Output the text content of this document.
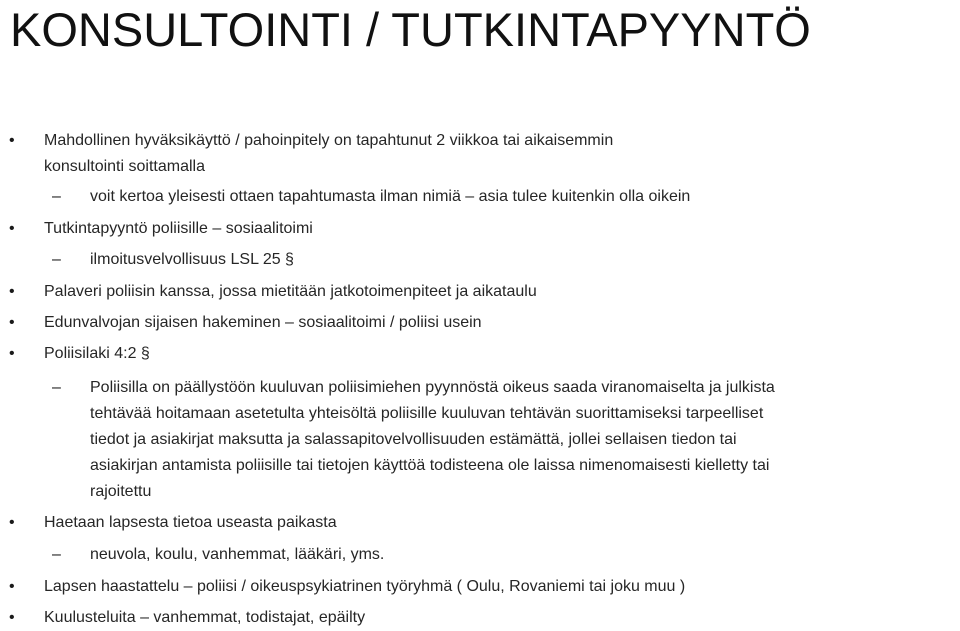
KONSULTOINTI / TUTKINTAPYYNTÖ
• Mahdollinen hyväksikäyttö / pahoinpitely on tapahtunut 2 viikkoa tai aikaisemmin
konsultointi soittamalla
– voit kertoa yleisesti ottaen tapahtumasta ilman nimiä – asia tulee kuitenkin olla oikein
• Tutkintapyyntö poliisille – sosiaalitoimi
– ilmoitusvelvollisuus LSL 25 §
• Palaveri poliisin kanssa, jossa mietitään jatkotoimenpiteet ja aikataulu
• Edunvalvojan sijaisen hakeminen – sosiaalitoimi / poliisi usein
• Poliisilaki 4:2 §
– Poliisilla on päällystöön kuuluvan poliisimiehen pyynnöstä oikeus saada viranomaiselta ja julkista
tehtävää hoitamaan asetetulta yhteisöltä poliisille kuuluvan tehtävän suorittamiseksi tarpeelliset
tiedot ja asiakirjat maksutta ja salassapitovelvollisuuden estämättä, jollei sellaisen tiedon tai
asiakirjan antamista poliisille tai tietojen käyttöä todisteena ole laissa nimenomaisesti kielletty tai
rajoitettu
• Haetaan lapsesta tietoa useasta paikasta
– neuvola, koulu, vanhemmat, lääkäri, yms.
• Lapsen haastattelu – poliisi / oikeuspsykiatrinen työryhmä ( Oulu, Rovaniemi tai joku muu )
• Kuulusteluita – vanhemmat, todistajat, epäilty
